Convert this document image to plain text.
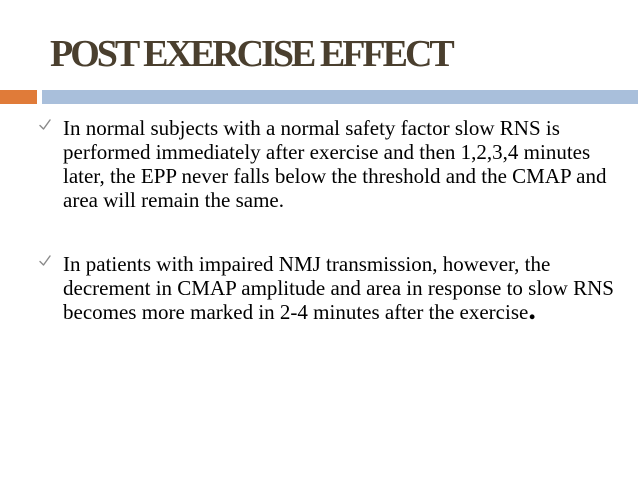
POST EXERCISE EFFECT
In normal subjects with a normal safety factor slow RNS is performed immediately after exercise and then 1,2,3,4 minutes later, the EPP never falls below the threshold and the CMAP and area will remain the same.
In patients with impaired NMJ transmission, however, the decrement in CMAP amplitude and area in response to slow RNS becomes more marked in 2-4 minutes after the exercise.
